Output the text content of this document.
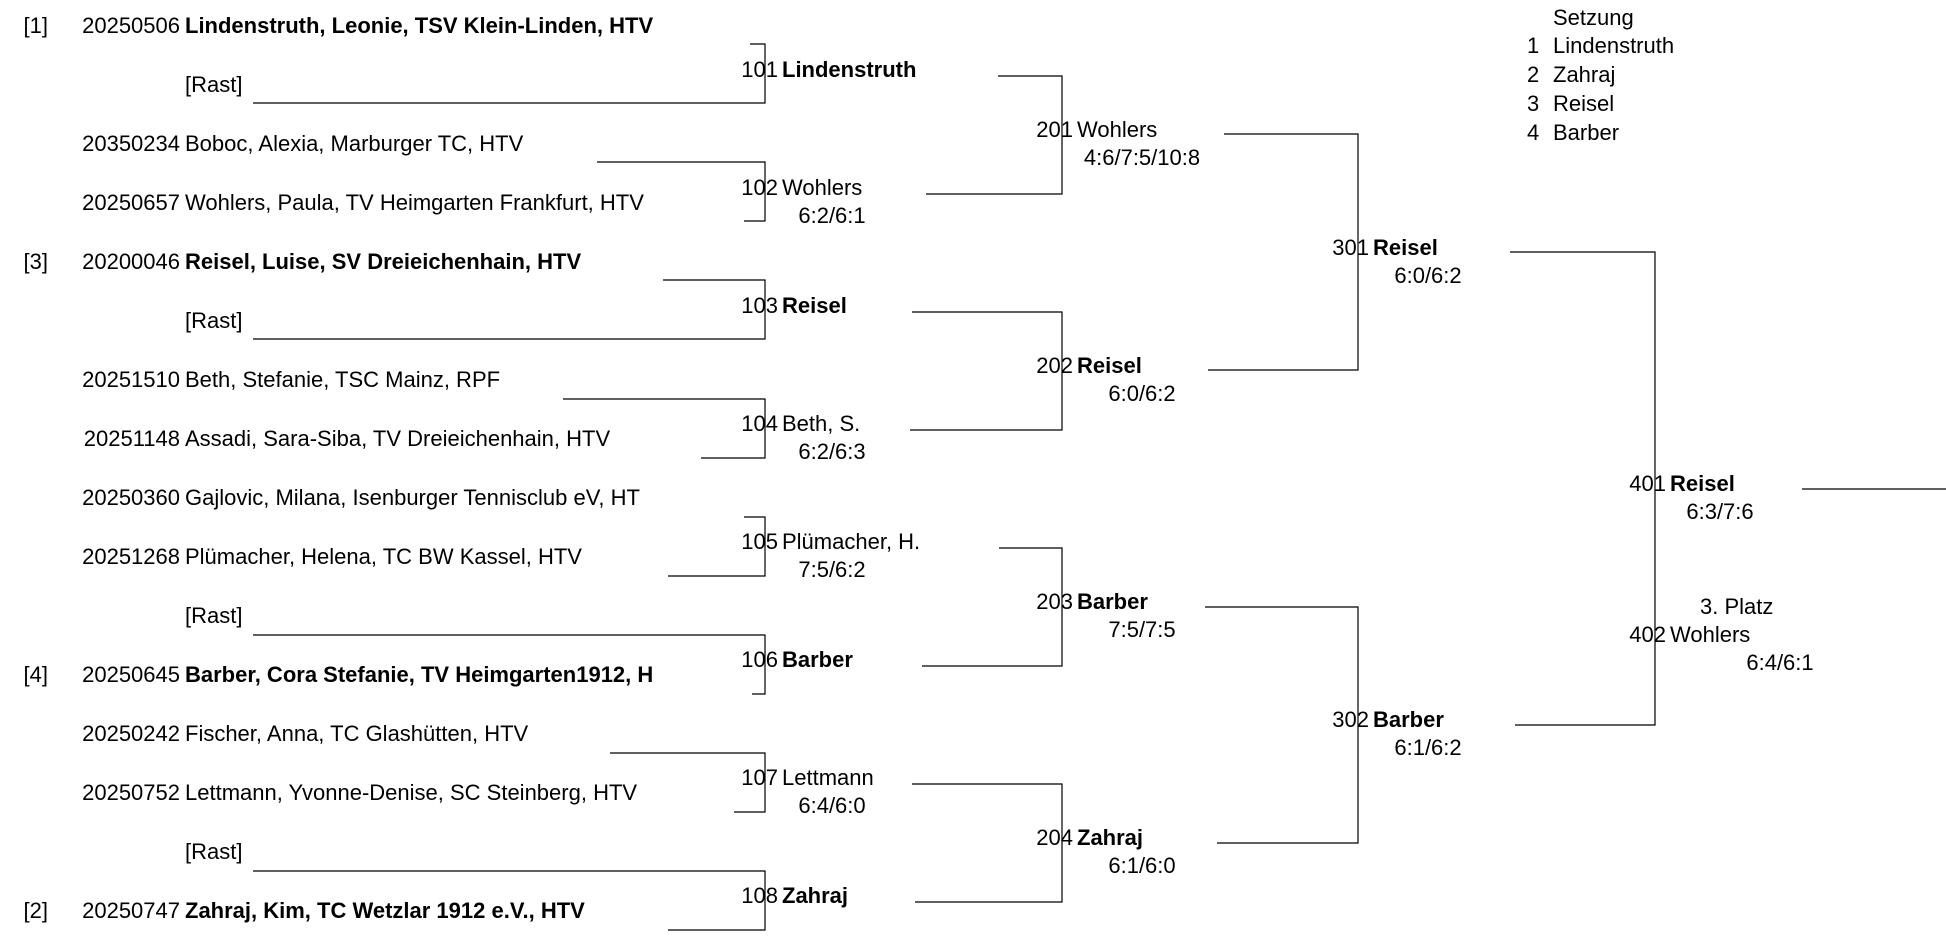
[1]	20250506 Lindenstruth, Leonie, TSV Klein-Linden, HTV
[Rast]
20350234 Boboc, Alexia, Marburger TC, HTV
20250657 Wohlers, Paula, TV Heimgarten Frankfurt, HTV
[3]	20200046 Reisel, Luise, SV Dreieichenhain, HTV
[Rast]
20251510 Beth, Stefanie, TSC Mainz, RPF
20251148 Assadi, Sara-Siba, TV Dreieichenhain, HTV
20250360 Gajlovic, Milana, Isenburger Tennisclub eV, HT
20251268 Plümacher, Helena, TC BW Kassel, HTV
[Rast]
[4]	20250645 Barber, Cora Stefanie, TV Heimgarten1912, H
20250242 Fischer, Anna, TC Glashütten, HTV
20250752 Lettmann, Yvonne-Denise, SC Steinberg, HTV
[Rast]
[2]	20250747 Zahraj, Kim, TC Wetzlar 1912 e.V., HTV
101 Lindenstruth
102 Wohlers
6:2/6:1
103 Reisel
104 Beth, S.
6:2/6:3
105 Plümacher, H.
7:5/6:2
106 Barber
107 Lettmann
6:4/6:0
108 Zahraj
201 Wohlers
4:6/7:5/10:8
202 Reisel
6:0/6:2
203 Barber
7:5/7:5
204 Zahraj
6:1/6:0
301 Reisel
6:0/6:2
302 Barber
6:1/6:2
401 Reisel
6:3/7:6
3. Platz
402 Wohlers
6:4/6:1
Setzung
1 Lindenstruth
2 Zahraj
3 Reisel
4 Barber
